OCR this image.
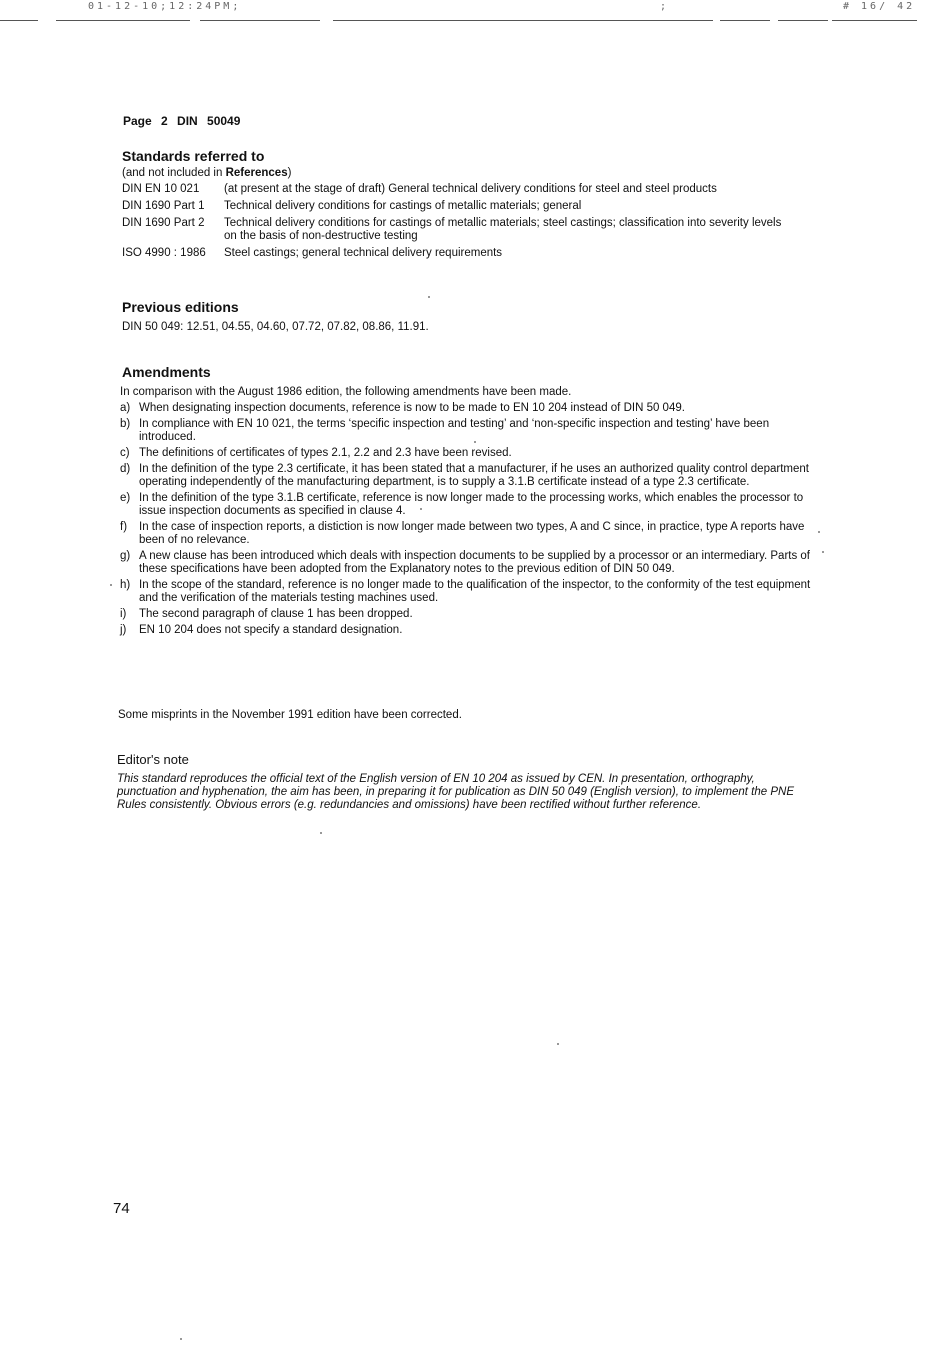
01-12-10;12:24PM;	;	# 16/ 42
Page 2 DIN 50049
Standards referred to
(and not included in References)
DIN EN 10 021	(at present at the stage of draft) General technical delivery conditions for steel and steel products
DIN 1690 Part 1	Technical delivery conditions for castings of metallic materials; general
DIN 1690 Part 2	Technical delivery conditions for castings of metallic materials; steel castings; classification into severity levels on the basis of non-destructive testing
ISO 4990 : 1986	Steel castings; general technical delivery requirements
Previous editions
DIN 50 049: 12.51, 04.55, 04.60, 07.72, 07.82, 08.86, 11.91.
Amendments
In comparison with the August 1986 edition, the following amendments have been made.
a) When designating inspection documents, reference is now to be made to EN 10 204 instead of DIN 50 049.
b) In compliance with EN 10 021, the terms ‘specific inspection and testing’ and ‘non-specific inspection and testing’ have been introduced.
c) The definitions of certificates of types 2.1, 2.2 and 2.3 have been revised.
d) In the definition of the type 2.3 certificate, it has been stated that a manufacturer, if he uses an authorized quality control department operating independently of the manufacturing department, is to supply a 3.1.B certificate instead of a type 2.3 certificate.
e) In the definition of the type 3.1.B certificate, reference is now longer made to the processing works, which enables the processor to issue inspection documents as specified in clause 4.
f)	In the case of inspection reports, a distiction is now longer made between two types, A and C since, in practice, type A reports have been of no relevance.
g) A new clause has been introduced which deals with inspection documents to be supplied by a processor or an intermediary. Parts of these specifications have been adopted from the Explanatory notes to the previous edition of DIN 50 049.
h) In the scope of the standard, reference is no longer made to the qualification of the inspector, to the conformity of the test equipment and the verification of the materials testing machines used.
i)	The second paragraph of clause 1 has been dropped.
j)	EN 10 204 does not specify a standard designation.
Some misprints in the November 1991 edition have been corrected.
Editor's note
This standard reproduces the official text of the English version of EN 10 204 as issued by CEN. In presentation, orthography, punctuation and hyphenation, the aim has been, in preparing it for publication as DIN 50 049 (English version), to implement the PNE Rules consistently. Obvious errors (e.g. redundancies and omissions) have been rectified without further reference.
74
